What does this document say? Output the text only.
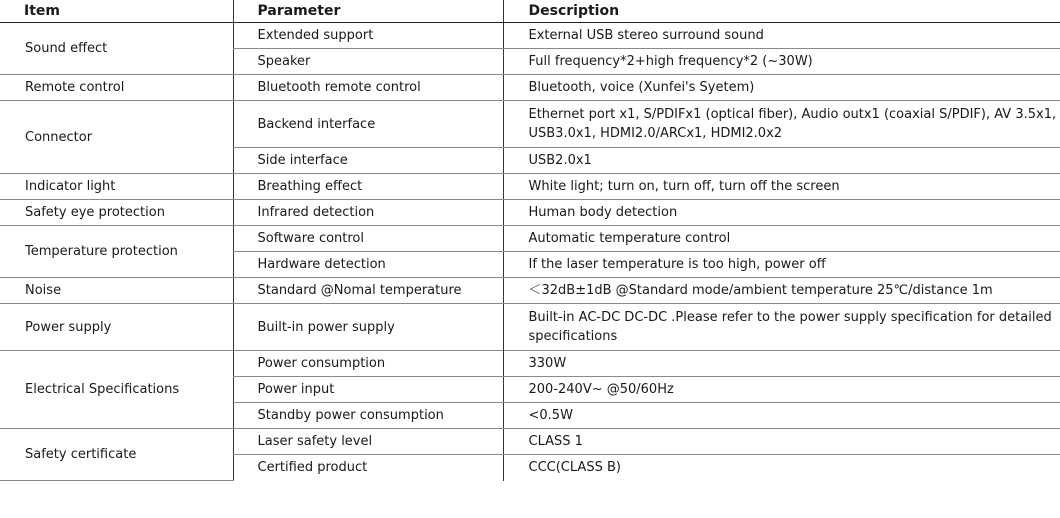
Item	Parameter	Description
Sound effect	Extended support	External USB stereo surround sound
	Speaker	Full frequency*2+high frequency*2 (~30W)
Remote control	Bluetooth remote control	Bluetooth, voice (Xunfei's Syetem)
Connector	Backend interface	Ethernet port x1, S/PDIFx1 (optical fiber), Audio outx1 (coaxial S/PDIF), AV 3.5x1, USB3.0x1, HDMI2.0/ARCx1, HDMI2.0x2
	Side interface	USB2.0x1
Indicator light	Breathing effect	White light; turn on, turn off, turn off the screen
Safety eye protection	Infrared detection	Human body detection
Temperature protection	Software control	Automatic temperature control
	Hardware detection	If the laser temperature is too high, power off
Noise	Standard @Nomal temperature	＜32dB±1dB @Standard mode/ambient temperature 25℃/distance 1m
Power supply	Built-in power supply	Built-in AC-DC DC-DC .Please refer to the power supply specification for detailed specifications
Electrical Specifications	Power consumption	330W
	Power input	200-240V~ @50/60Hz
	Standby power consumption	<0.5W
Safety certificate	Laser safety level	CLASS 1
	Certified product	CCC(CLASS B)
